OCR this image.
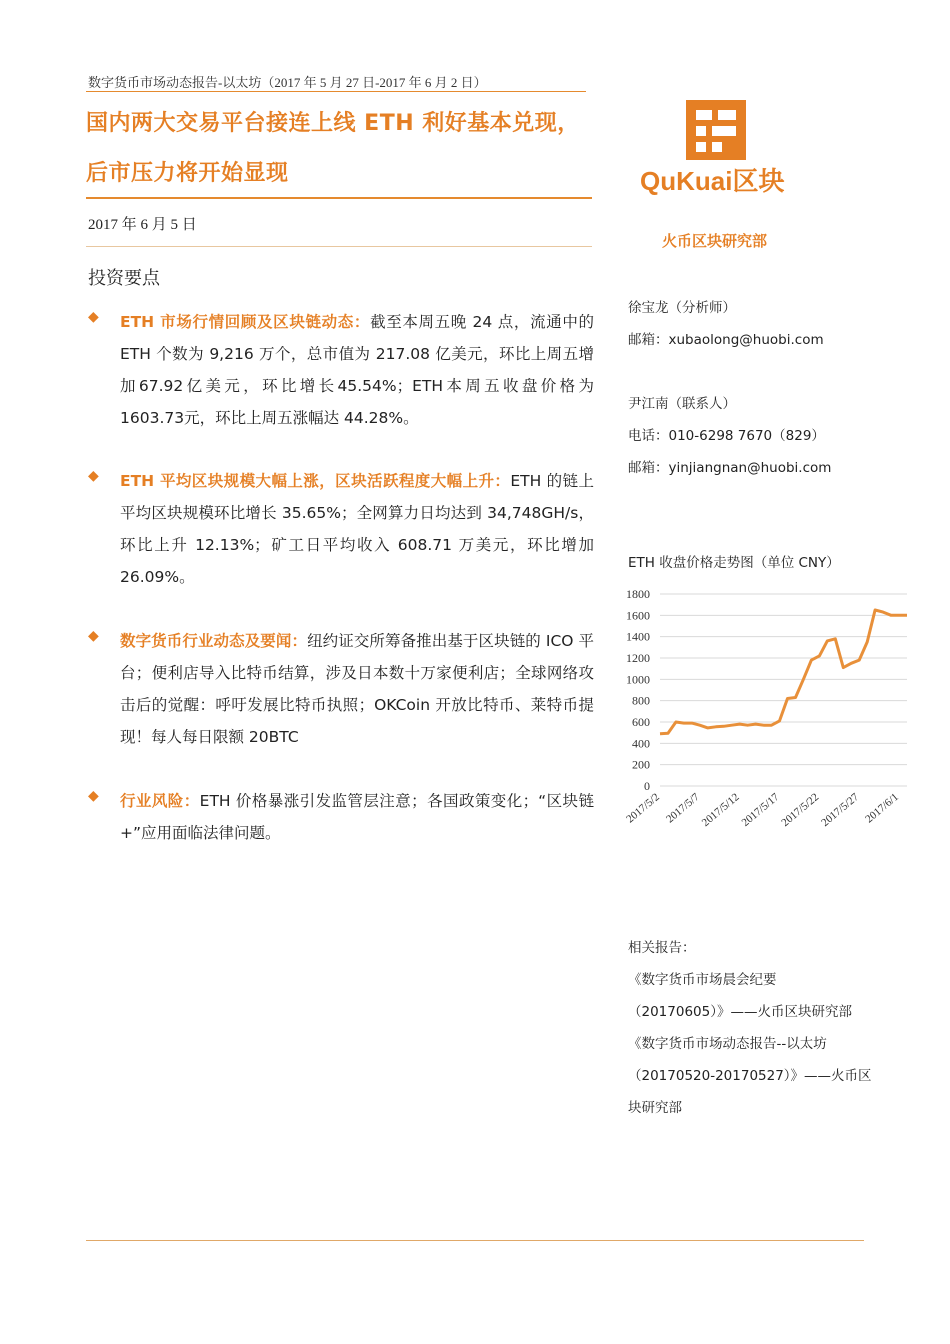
数字货币市场动态报告-以太坊（2017 年 5 月 27 日-2017 年 6 月 2 日）
国内两大交易平台接连上线 ETH 利好基本兑现，
后市压力将开始显现
2017 年 6 月 5 日
投资要点
◆ ETH 市场行情回顾及区块链动态：截至本周五晚 24 点，流通中的 ETH 个数为 9,216 万个，总市值为 217.08 亿美元，环比上周五增加67.92亿美元，环比增长45.54%；ETH本周五收盘价格为1603.73元，环比上周五涨幅达 44.28%。
◆ ETH 平均区块规模大幅上涨，区块活跃程度大幅上升：ETH 的链上平均区块规模环比增长 35.65%；全网算力日均达到 34,748GH/s，环比上升 12.13%；矿工日平均收入 608.71 万美元，环比增加 26.09%。
◆ 数字货币行业动态及要闻：纽约证交所筹备推出基于区块链的 ICO 平台；便利店导入比特币结算，涉及日本数十万家便利店；全球网络攻击后的觉醒：呼吁发展比特币执照；OKCoin 开放比特币、莱特币提现！每人每日限额 20BTC
◆ 行业风险：ETH 价格暴涨引发监管层注意；各国政策变化；“区块链+”应用面临法律问题。
QuKuai区块
火币区块研究部
徐宝龙（分析师）
邮箱：xubaolong@huobi.com
尹江南（联系人）
电话：010-6298 7670（829）
邮箱：yinjiangnan@huobi.com
ETH 收盘价格走势图（单位 CNY）
0
200
400
600
800
1000
1200
1400
1600
1800
2017/5/2 2017/5/7
2017/5/12
2017/5/17
2017/5/22
2017/5/27 2017/6/1
相关报告：
《数字货币市场晨会纪要
（20170605）》——火币区块研究部
《数字货币市场动态报告--以太坊
（20170520-20170527）》——火币区
块研究部
